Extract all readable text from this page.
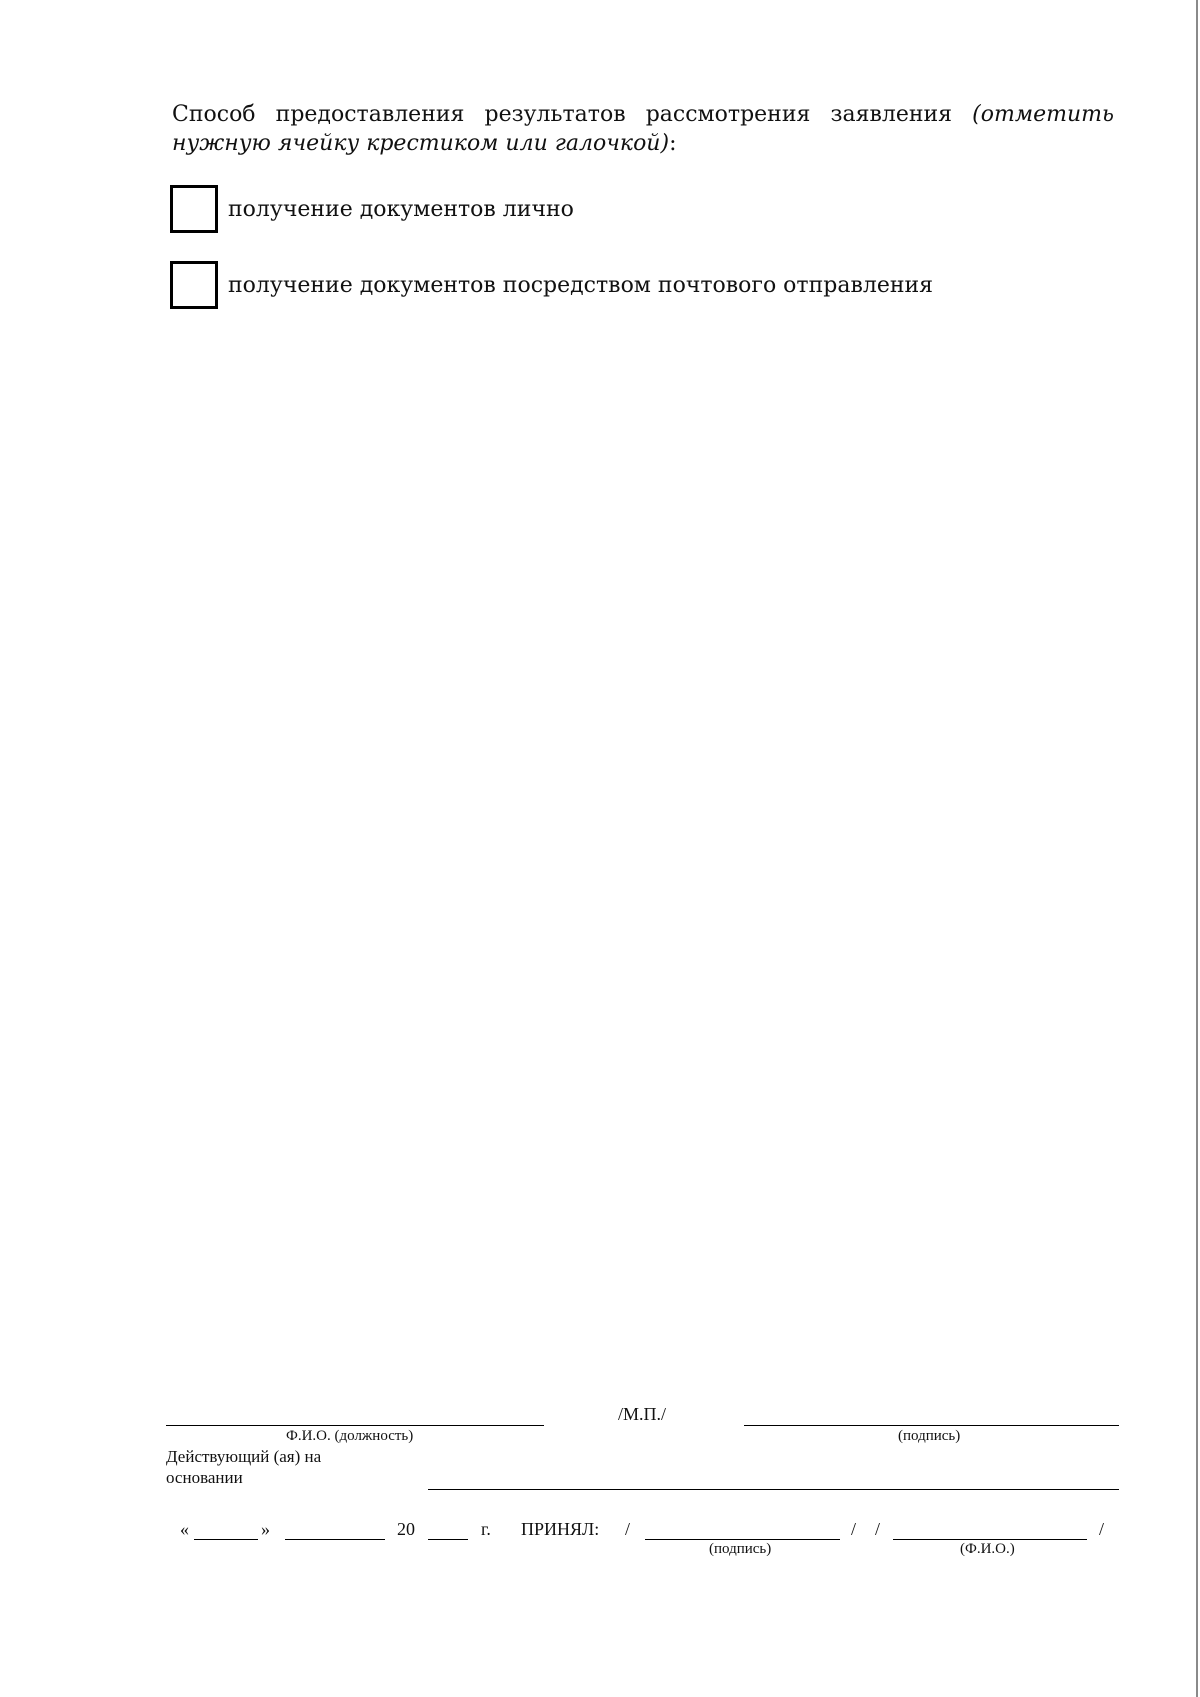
Способ предоставления результатов рассмотрения заявления (отметить нужную ячейку крестиком или галочкой):

получение документов лично
получение документов посредством почтового отправления
/М.П./
Ф.И.О. (должность)	(подпись)
Действующий (ая) на
основании
«	»	20	г. ПРИНЯЛ: /	/ /	/
(подпись)	(Ф.И.О.)
